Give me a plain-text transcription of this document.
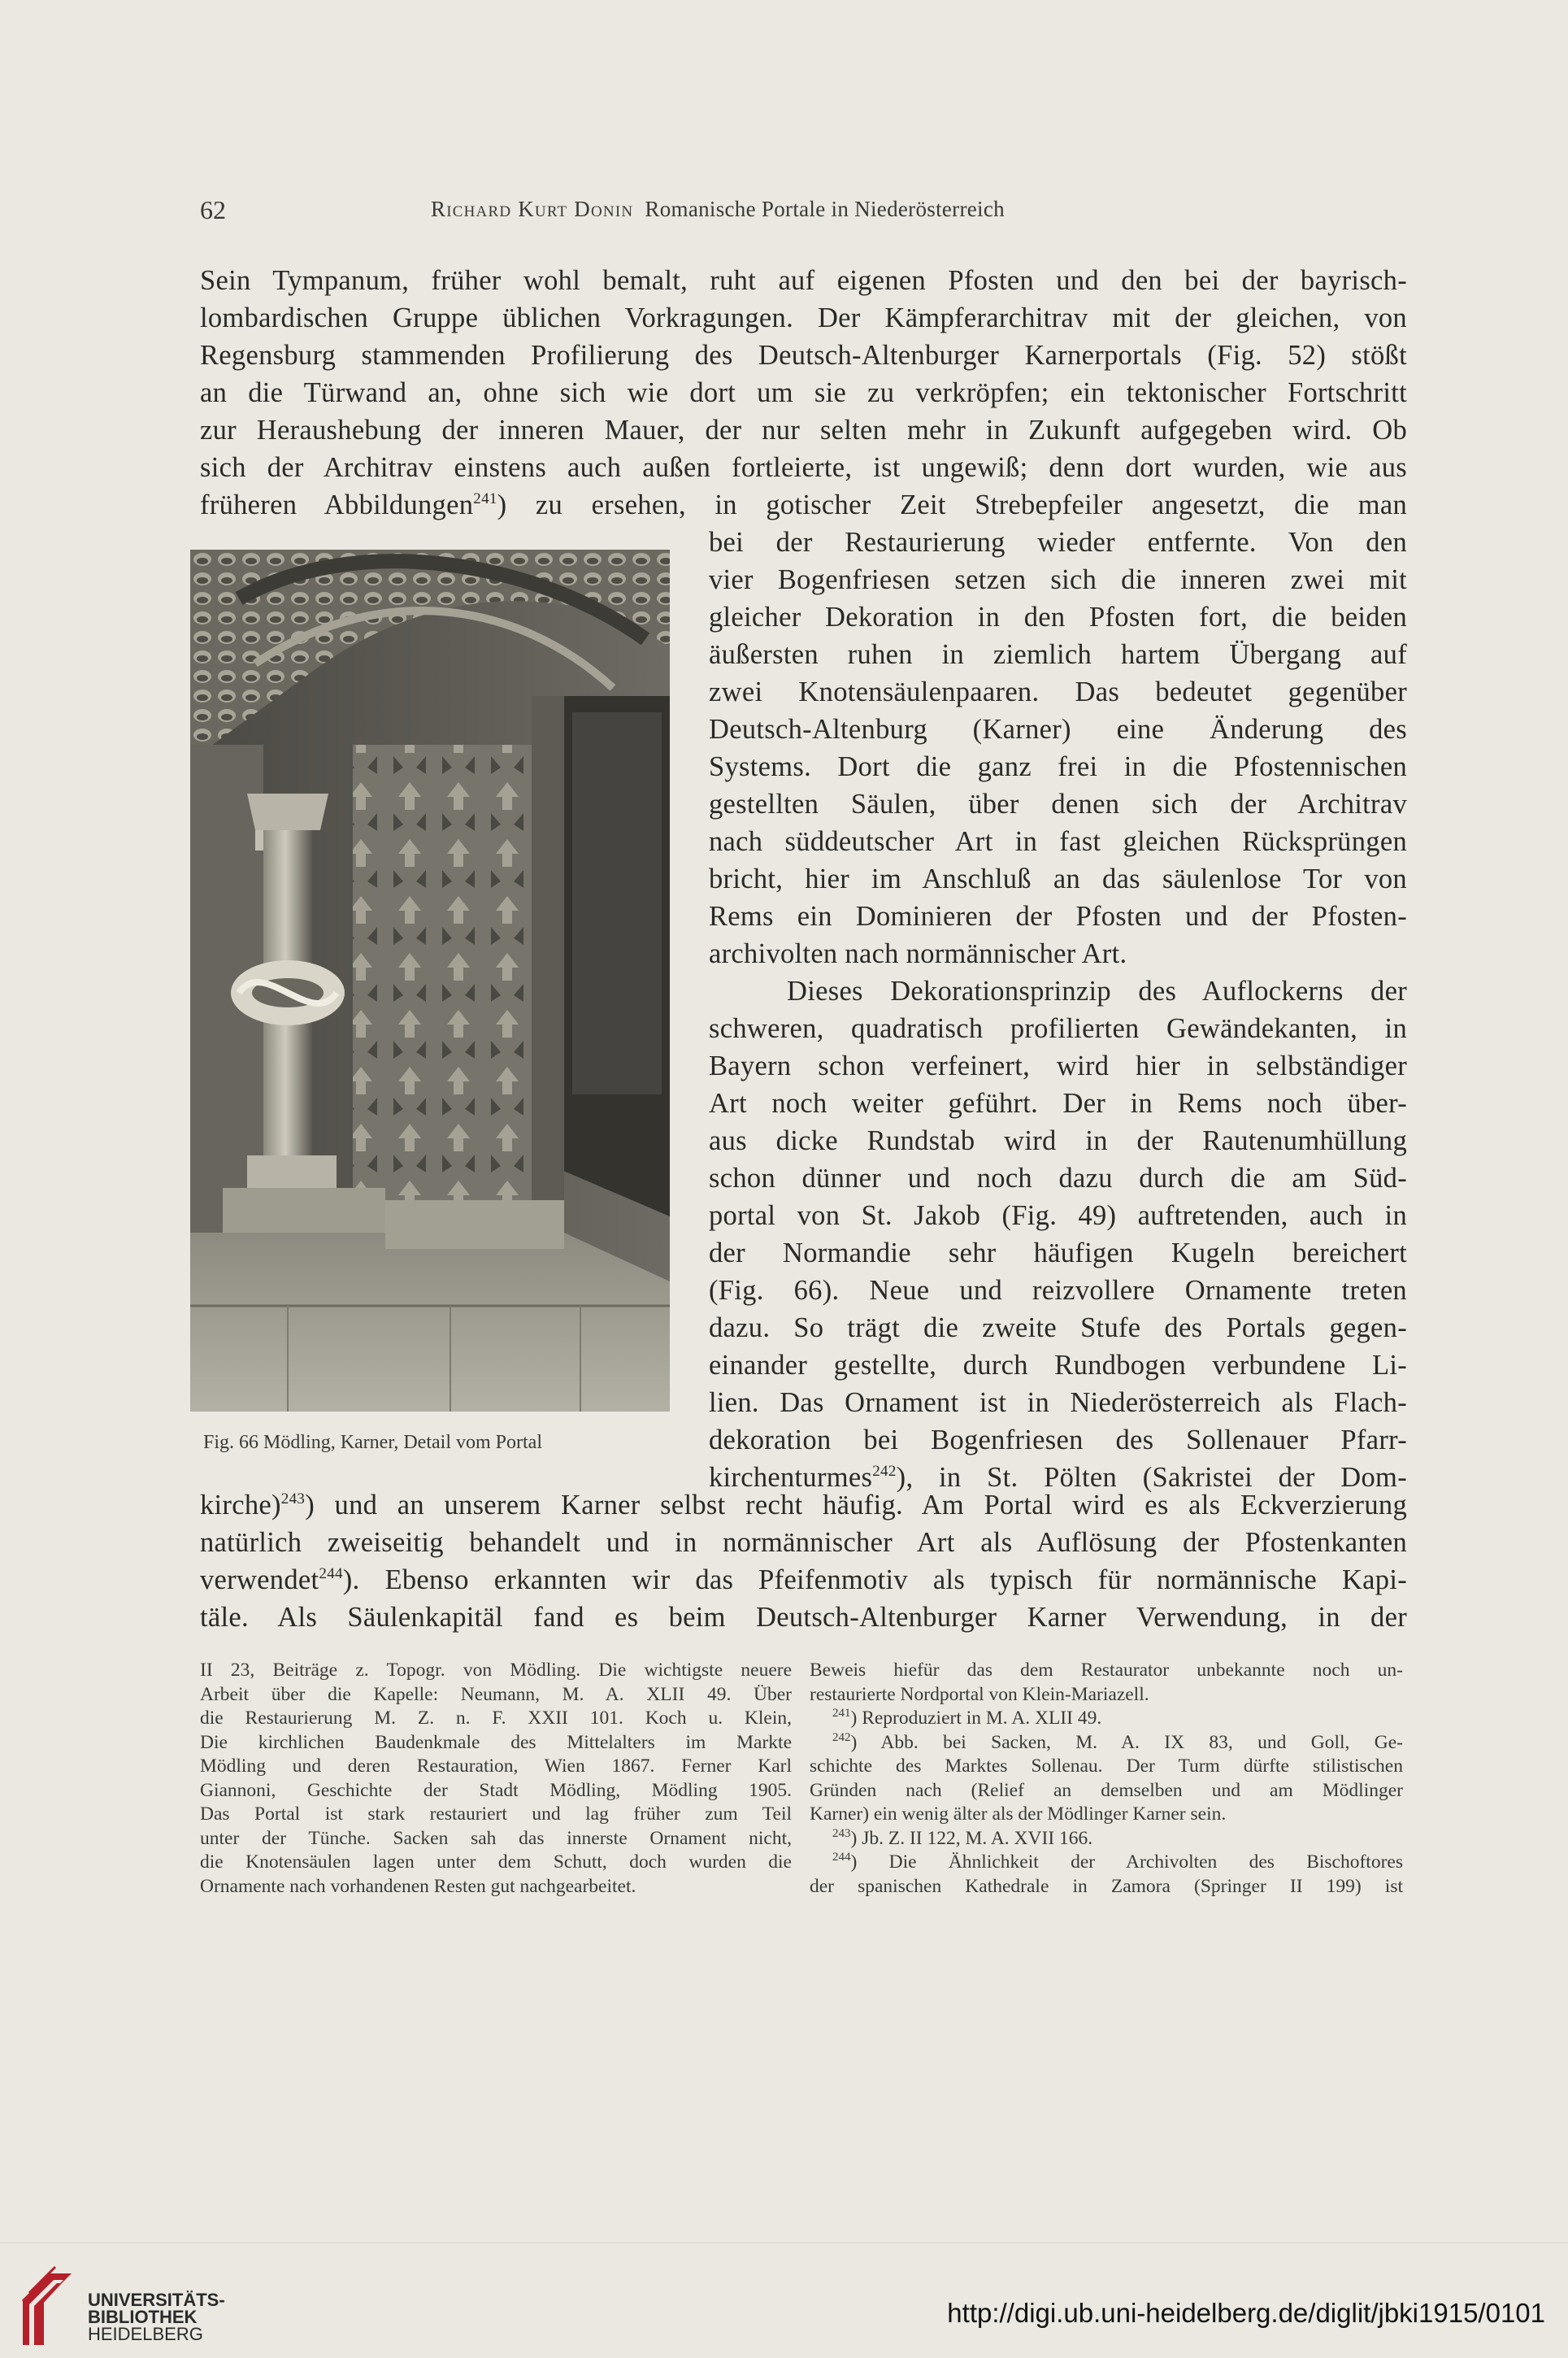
62	Richard Kurt Donin Romanische Portale in Niederösterreich
Sein Tympanum, früher wohl bemalt, ruht auf eigenen Pfosten und den bei der bayrisch-
lombardischen Gruppe üblichen Vorkragungen. Der Kämpferarchitrav mit der gleichen, von
Regensburg stammenden Profilierung des Deutsch-Altenburger Karnerportals (Fig. 52) stößt
an die Türwand an, ohne sich wie dort um sie zu verkröpfen; ein tektonischer Fortschritt
zur Heraushebung der inneren Mauer, der nur selten mehr in Zukunft aufgegeben wird. Ob
sich der Architrav einstens auch außen fortleierte, ist ungewiß; denn dort wurden, wie aus
früheren Abbildungen$^{241}$) zu ersehen, in gotischer Zeit Strebepfeiler angesetzt, die man
Fig. 66 Mödling, Karner, Detail vom Portal
bei der Restaurierung wieder entfernte. Von den
vier Bogenfriesen setzen sich die inneren zwei mit
gleicher Dekoration in den Pfosten fort, die beiden
äußersten ruhen in ziemlich hartem Übergang auf
zwei Knotensäulenpaaren. Das bedeutet gegenüber
Deutsch-Altenburg (Karner) eine Änderung des
Systems. Dort die ganz frei in die Pfostennischen
gestellten Säulen, über denen sich der Architrav
nach süddeutscher Art in fast gleichen Rücksprüngen
bricht, hier im Anschluß an das säulenlose Tor von
Rems ein Dominieren der Pfosten und der Pfosten-
archivolten nach normännischer Art.
Dieses Dekorationsprinzip des Auflockerns der
schweren, quadratisch profilierten Gewändekanten, in
Bayern schon verfeinert, wird hier in selbständiger
Art noch weiter geführt. Der in Rems noch über-
aus dicke Rundstab wird in der Rautenumhüllung
schon dünner und noch dazu durch die am Süd-
portal von St. Jakob (Fig. 49) auftretenden, auch in
der Normandie sehr häufigen Kugeln bereichert
(Fig. 66). Neue und reizvollere Ornamente treten
dazu. So trägt die zweite Stufe des Portals gegen-
einander gestellte, durch Rundbogen verbundene Li-
lien. Das Ornament ist in Niederösterreich als Flach-
dekoration bei Bogenfriesen des Sollenauer Pfarr-
kirchenturmes$^{242}$), in St. Pölten (Sakristei der Dom-
kirche)$^{243}$) und an unserem Karner selbst recht häufig. Am Portal wird es als Eckverzierung
natürlich zweiseitig behandelt und in normännischer Art als Auflösung der Pfostenkanten
verwendet$^{244}$). Ebenso erkannten wir das Pfeifenmotiv als typisch für normännische Kapi-
täle. Als Säulenkapitäl fand es beim Deutsch-Altenburger Karner Verwendung, in der
II 23, Beiträge z. Topogr. von Mödling. Die wichtigste neuere
Arbeit über die Kapelle: Neumann, M. A. XLII 49. Über
die Restaurierung M. Z. n. F. XXII 101. Koch u. Klein,
Die kirchlichen Baudenkmale des Mittelalters im Markte
Mödling und deren Restauration, Wien 1867. Ferner Karl
Giannoni, Geschichte der Stadt Mödling, Mödling 1905.
Das Portal ist stark restauriert und lag früher zum Teil
unter der Tünche. Sacken sah das innerste Ornament nicht,
die Knotensäulen lagen unter dem Schutt, doch wurden die
Ornamente nach vorhandenen Resten gut nachgearbeitet.
Beweis hiefür das dem Restaurator unbekannte noch un-
restaurierte Nordportal von Klein-Mariazell.
$^{241}$) Reproduziert in M. A. XLII 49.
$^{242}$) Abb. bei Sacken, M. A. IX 83, und Goll, Ge-
schichte des Marktes Sollenau. Der Turm dürfte stilistischen
Gründen nach (Relief an demselben und am Mödlinger
Karner) ein wenig älter als der Mödlinger Karner sein.
$^{243}$) Jb. Z. II 122, M. A. XVII 166.
$^{244}$) Die Ähnlichkeit der Archivolten des Bischoftores
der spanischen Kathedrale in Zamora (Springer II 199) ist
UNIVERSITÄTS-
BIBLIOTHEK
HEIDELBERG
http://digi.ub.uni-heidelberg.de/diglit/jbki1915/0101
